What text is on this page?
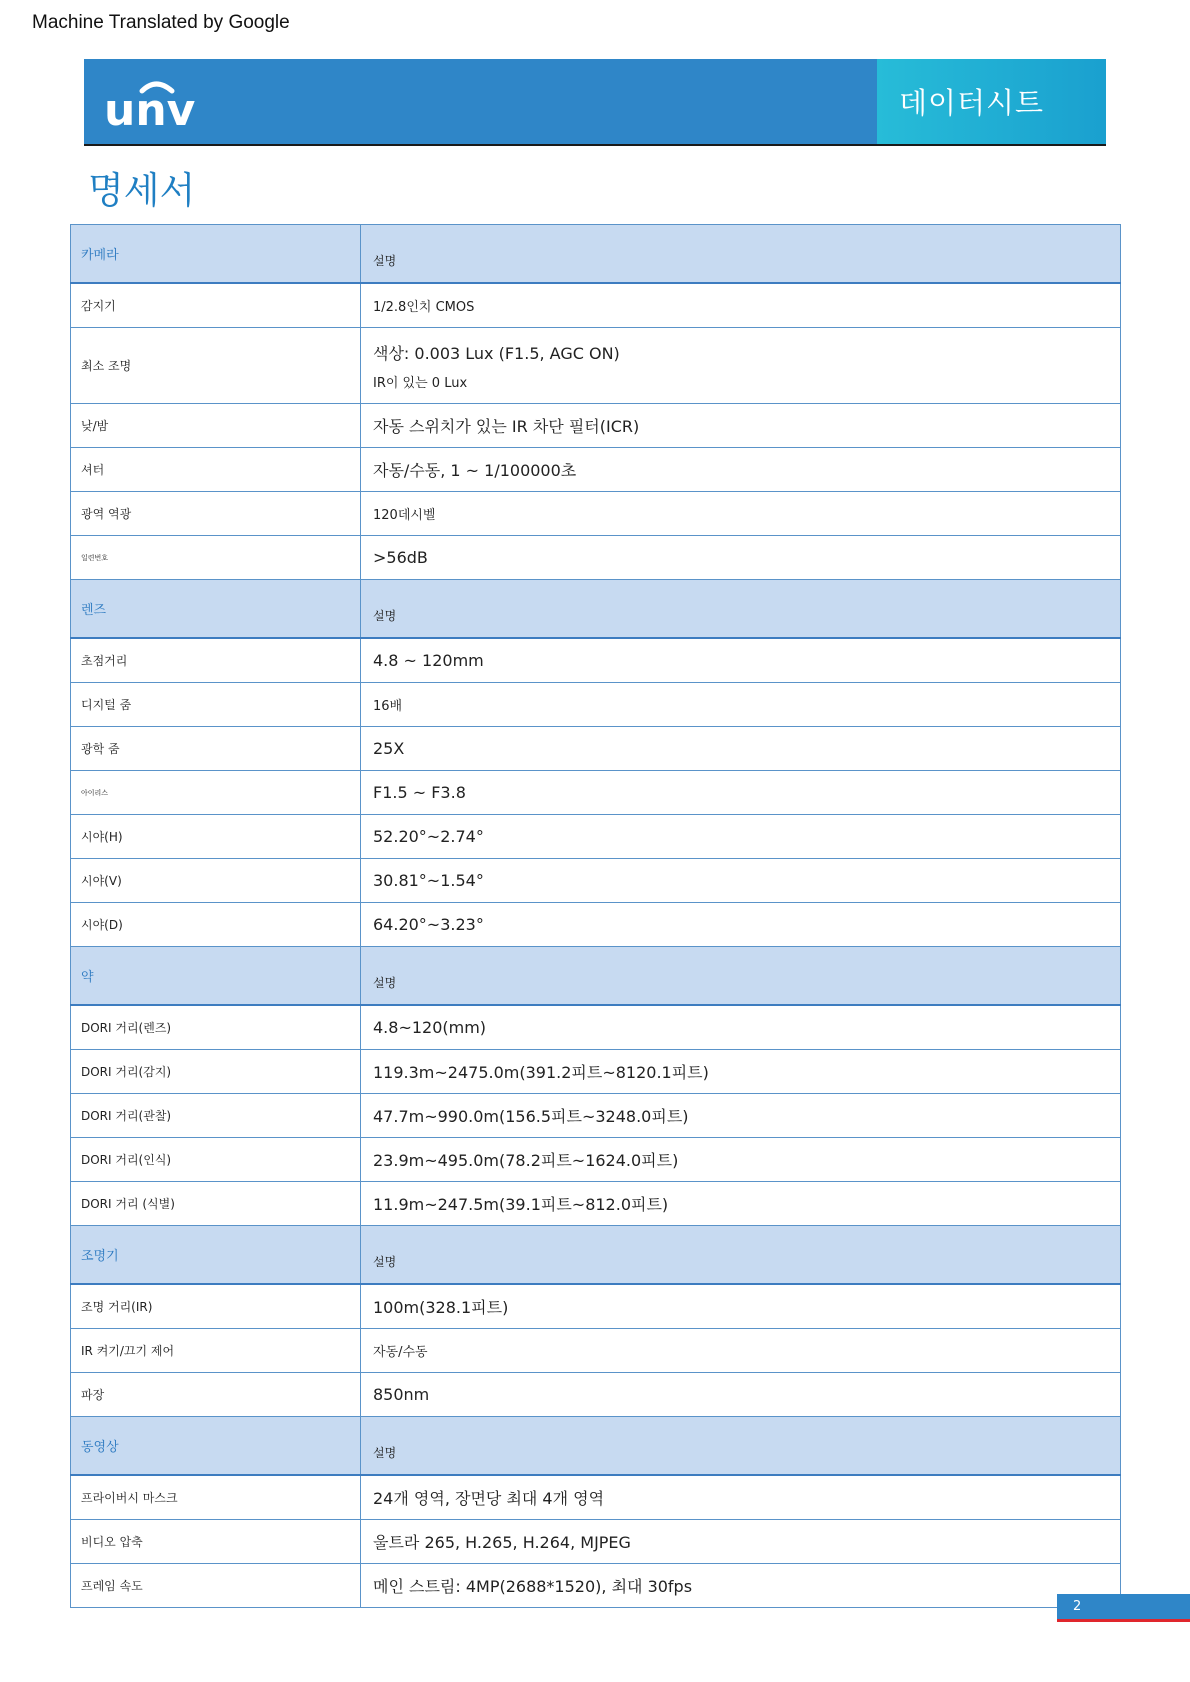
Machine Translated by Google
unv	데이터시트
명세서
카메라	설명
감지기	1/2.8인치 CMOS
최소 조명	색상: 0.003 Lux (F1.5, AGC ON)
IR이 있는 0 Lux

낮/밤	자동 스위치가 있는 IR 차단 필터(ICR)
셔터	자동/수동, 1 ~ 1/100000초
광역 역광	120데시벨
일련번호	>56dB
렌즈	설명
초점거리	4.8 ~ 120mm
디지털 줌	16배
광학 줌	25X
아이리스	F1.5 ~ F3.8
시야(H)	52.20°~2.74°
시야(V)	30.81°~1.54°
시야(D)	64.20°~3.23°
약	설명
DORI 거리(렌즈)	4.8~120(mm)
DORI 거리(감지)	119.3m~2475.0m(391.2피트~8120.1피트)
DORI 거리(관찰)	47.7m~990.0m(156.5피트~3248.0피트)
DORI 거리(인식)	23.9m~495.0m(78.2피트~1624.0피트)
DORI 거리 (식별)	11.9m~247.5m(39.1피트~812.0피트)
조명기	설명
조명 거리(IR)	100m(328.1피트)
IR 켜기/끄기 제어	자동/수동
파장	850nm
동영상	설명
프라이버시 마스크	24개 영역, 장면당 최대 4개 영역
비디오 압축	울트라 265, H.265, H.264, MJPEG
프레임 속도	메인 스트림: 4MP(2688*1520), 최대 30fps
2
